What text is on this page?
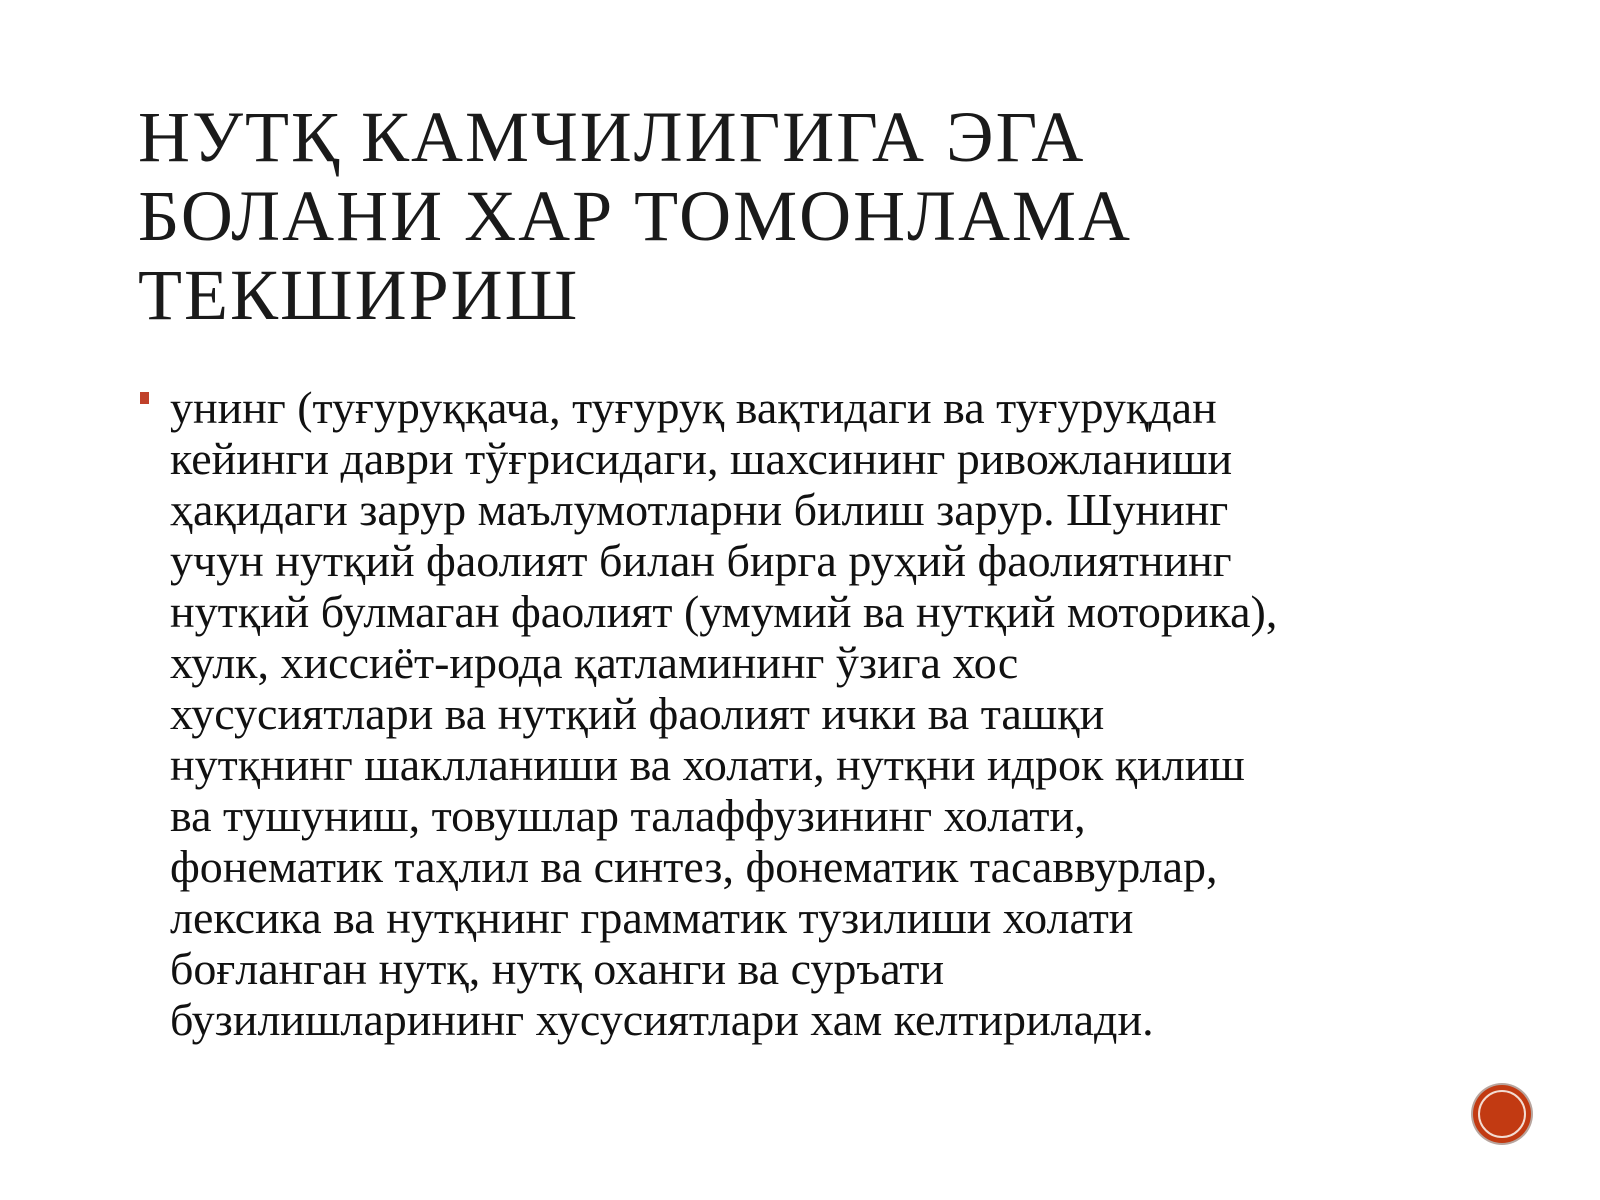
НУТҚ КАМЧИЛИГИГА ЭГА
БОЛАНИ ХАР ТОМОНЛАМА
ТЕКШИРИШ

унинг (туғуруққача, туғуруқ вақтидаги ва туғуруқдан
кейинги даври тўғрисидаги, шахсининг ривожланиши
ҳақидаги зарур маълумотларни билиш зарур. Шунинг
учун нутқий фаолият билан бирга руҳий фаолиятнинг
нутқий булмаган фаолият (умумий ва нутқий моторика),
хулк, хиссиёт-ирода қатламининг ўзига хос
хусусиятлари ва нутқий фаолият ички ва ташқи
нутқнинг шаклланиши ва холати, нутқни идрок қилиш
ва тушуниш, товушлар талаффузининг холати,
фонематик таҳлил ва синтез, фонематик тасаввурлар,
лексика ва нутқнинг грамматик тузилиши холати
боғланган нутқ, нутқ оханги ва суръати
бузилишларининг хусусиятлари хам келтирилади.
